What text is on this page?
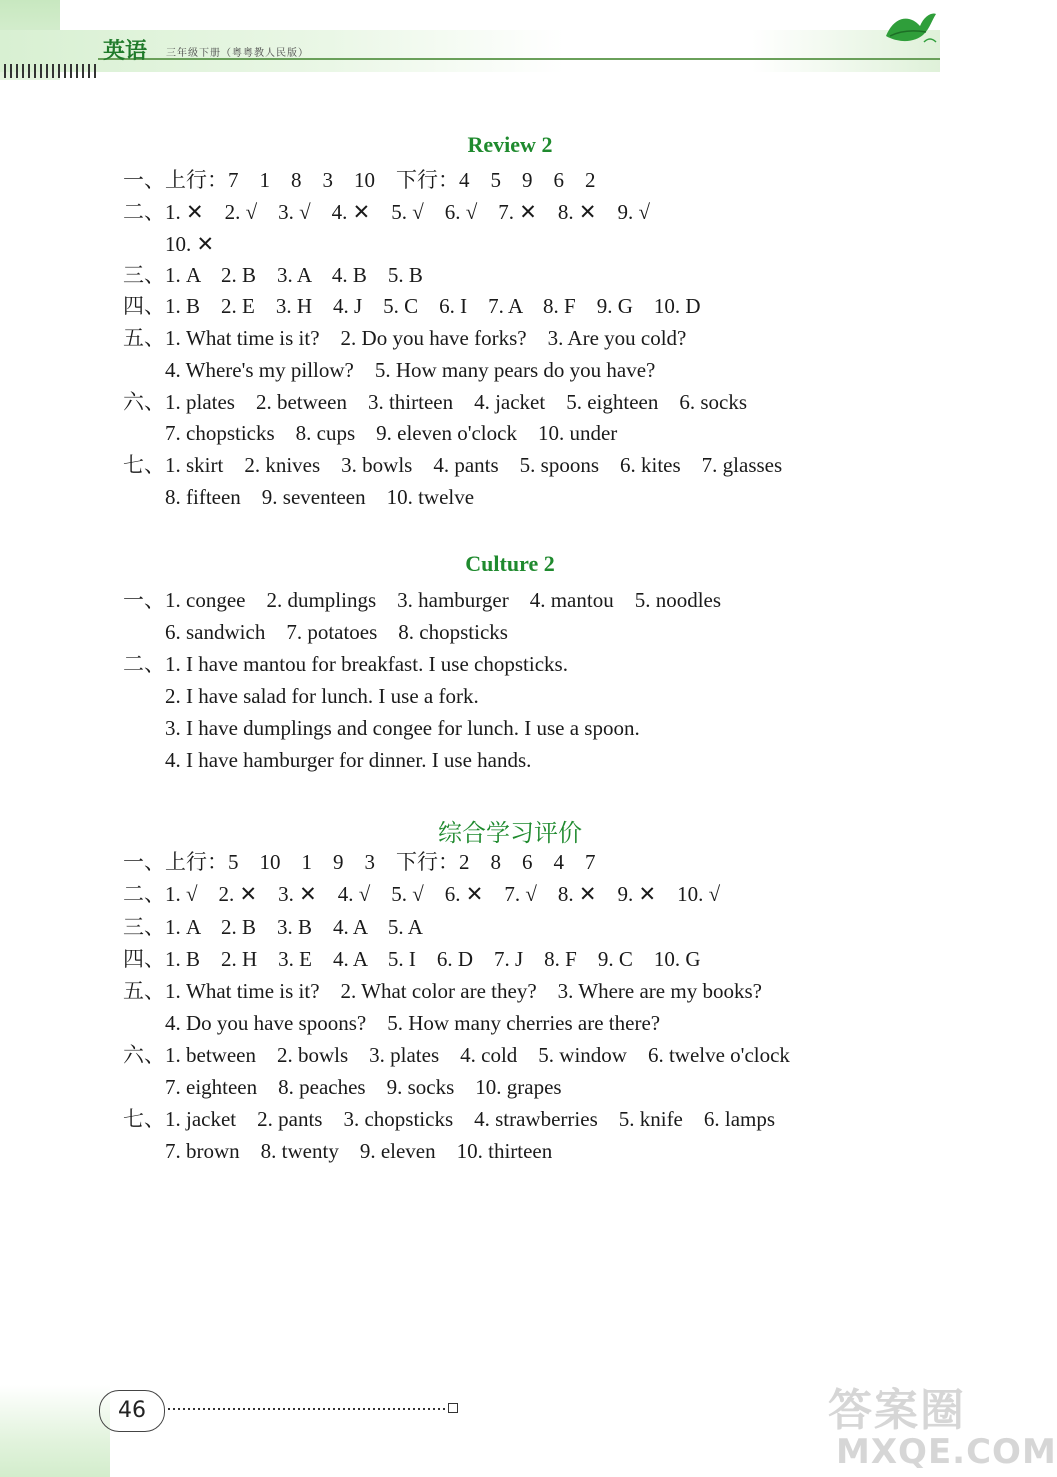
英语 三年级下册（粤粤教人民版）
Review 2
一、上行：7　1　8　3　10　下行：4　5　9　6　2
二、1. ✕　2. √　3. √　4. ✕　5. √　6. √　7. ✕　8. ✕　9. √
10. ✕
三、1. A　2. B　3. A　4. B　5. B
四、1. B　2. E　3. H　4. J　5. C　6. I　7. A　8. F　9. G　10. D
五、1. What time is it?　2. Do you have forks?　3. Are you cold?
4. Where's my pillow?　5. How many pears do you have?
六、1. plates　2. between　3. thirteen　4. jacket　5. eighteen　6. socks
7. chopsticks　8. cups　9. eleven o'clock　10. under
七、1. skirt　2. knives　3. bowls　4. pants　5. spoons　6. kites　7. glasses
8. fifteen　9. seventeen　10. twelve
Culture 2
一、1. congee　2. dumplings　3. hamburger　4. mantou　5. noodles
6. sandwich　7. potatoes　8. chopsticks
二、1. I have mantou for breakfast. I use chopsticks.
2. I have salad for lunch. I use a fork.
3. I have dumplings and congee for lunch. I use a spoon.
4. I have hamburger for dinner. I use hands.
综合学习评价
一、上行：5　10　1　9　3　下行：2　8　6　4　7
二、1. √　2. ✕　3. ✕　4. √　5. √　6. ✕　7. √　8. ✕　9. ✕　10. √
三、1. A　2. B　3. B　4. A　5. A
四、1. B　2. H　3. E　4. A　5. I　6. D　7. J　8. F　9. C　10. G
五、1. What time is it?　2. What color are they?　3. Where are my books?
4. Do you have spoons?　5. How many cherries are there?
六、1. between　2. bowls　3. plates　4. cold　5. window　6. twelve o'clock
7. eighteen　8. peaches　9. socks　10. grapes
七、1. jacket　2. pants　3. chopsticks　4. strawberries　5. knife　6. lamps
7. brown　8. twenty　9. eleven　10. thirteen
46	答案圈
MXQE.COM
